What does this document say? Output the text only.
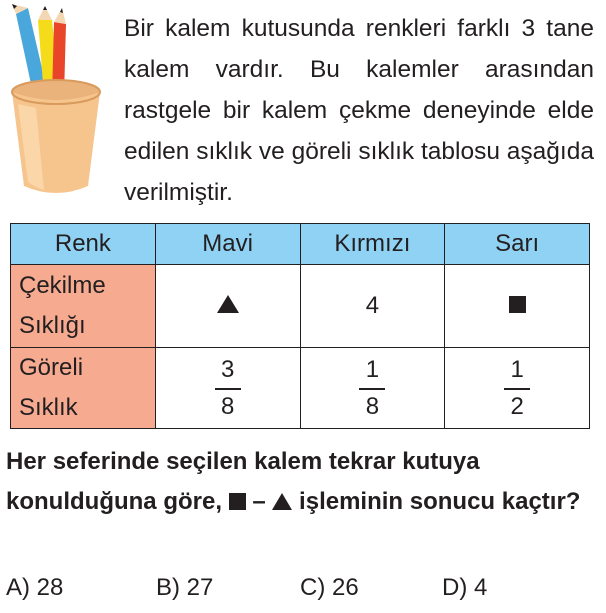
Bir kalem kutusunda renkleri farklı 3 tane kalem vardır. Bu kalemler arasından rastgele bir kalem çekme deneyinde elde edilen sıklık ve göreli sıklık tablosu aşağıda verilmiştir.
Renk	Mavi	Kırmızı	Sarı
Çekilme
Sıklığı		4	
Göreli
Sıklık	$\frac{3}{8}$	$\frac{1}{8}$	$\frac{1}{2}$
Her seferinde seçilen kalem tekrar kutuya konulduğuna göre, – işleminin sonucu kaçtır?
A) 28	B) 27	C) 26	D) 4
